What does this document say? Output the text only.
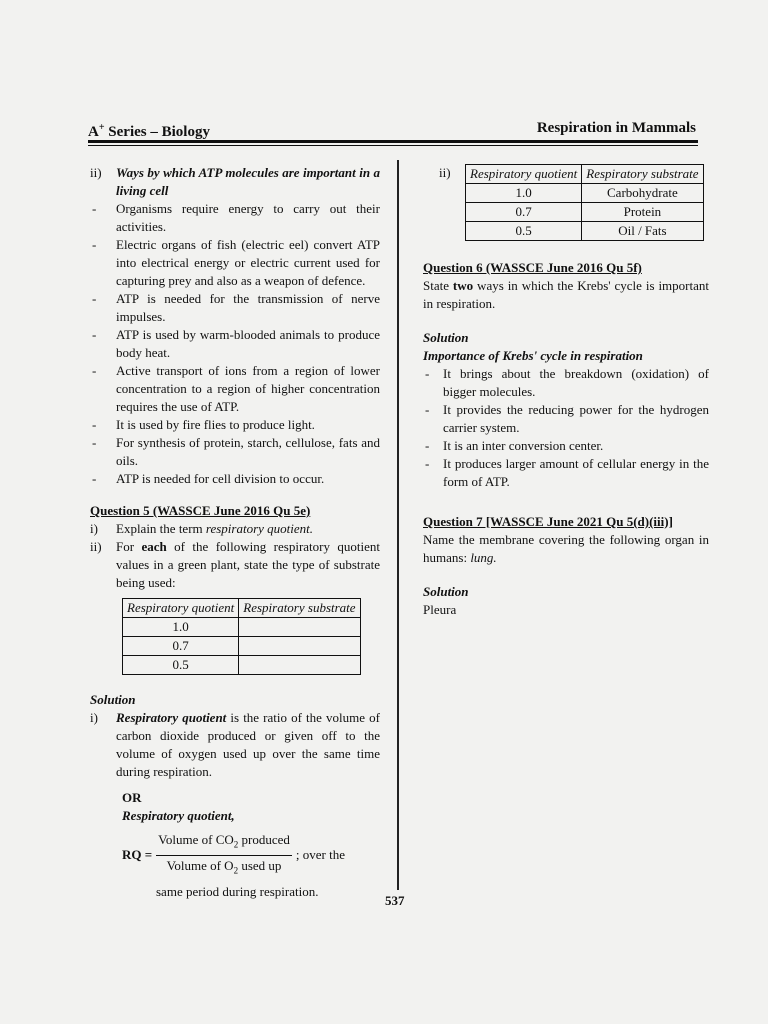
A+ Series – Biology	Respiration in Mammals
ii)	Ways by which ATP molecules are important in a living cell
-	Organisms require energy to carry out their activities.
-	Electric organs of fish (electric eel) convert ATP into electrical energy or electric current used for capturing prey and also as a weapon of defence.
-	ATP is needed for the transmission of nerve impulses.
-	ATP is used by warm-blooded animals to produce body heat.
-	Active transport of ions from a region of lower concentration to a region of higher concentration requires the use of ATP.
-	It is used by fire flies to produce light.
-	For synthesis of protein, starch, cellulose, fats and oils.
-	ATP is needed for cell division to occur.
Question 5 (WASSCE June 2016 Qu 5e)
i)	Explain the term respiratory quotient.
ii)	For each of the following respiratory quotient values in a green plant, state the type of substrate being used:
Respiratory quotient	Respiratory substrate
1.0	
0.7	
0.5	
Solution
i)	Respiratory quotient is the ratio of the volume of carbon dioxide produced or given off to the volume of oxygen used up over the same time during respiration.
OR
Respiratory quotient,
RQ = $\frac{Volume of CO_2 produced}{Volume of O_2 used up}$ ; over the
same period during respiration.
ii)	Respiratory quotient	Respiratory substrate
1.0	Carbohydrate
0.7	Protein
0.5	Oil / Fats
Question 6 (WASSCE June 2016 Qu 5f)
State two ways in which the Krebs' cycle is important in respiration.
Solution
Importance of Krebs' cycle in respiration
-	It brings about the breakdown (oxidation) of bigger molecules.
-	It provides the reducing power for the hydrogen carrier system.
-	It is an inter conversion center.
-	It produces larger amount of cellular energy in the form of ATP.
Question 7 [WASSCE June 2021 Qu 5(d)(iii)]
Name the membrane covering the following organ in humans: lung.
Solution
Pleura
537
